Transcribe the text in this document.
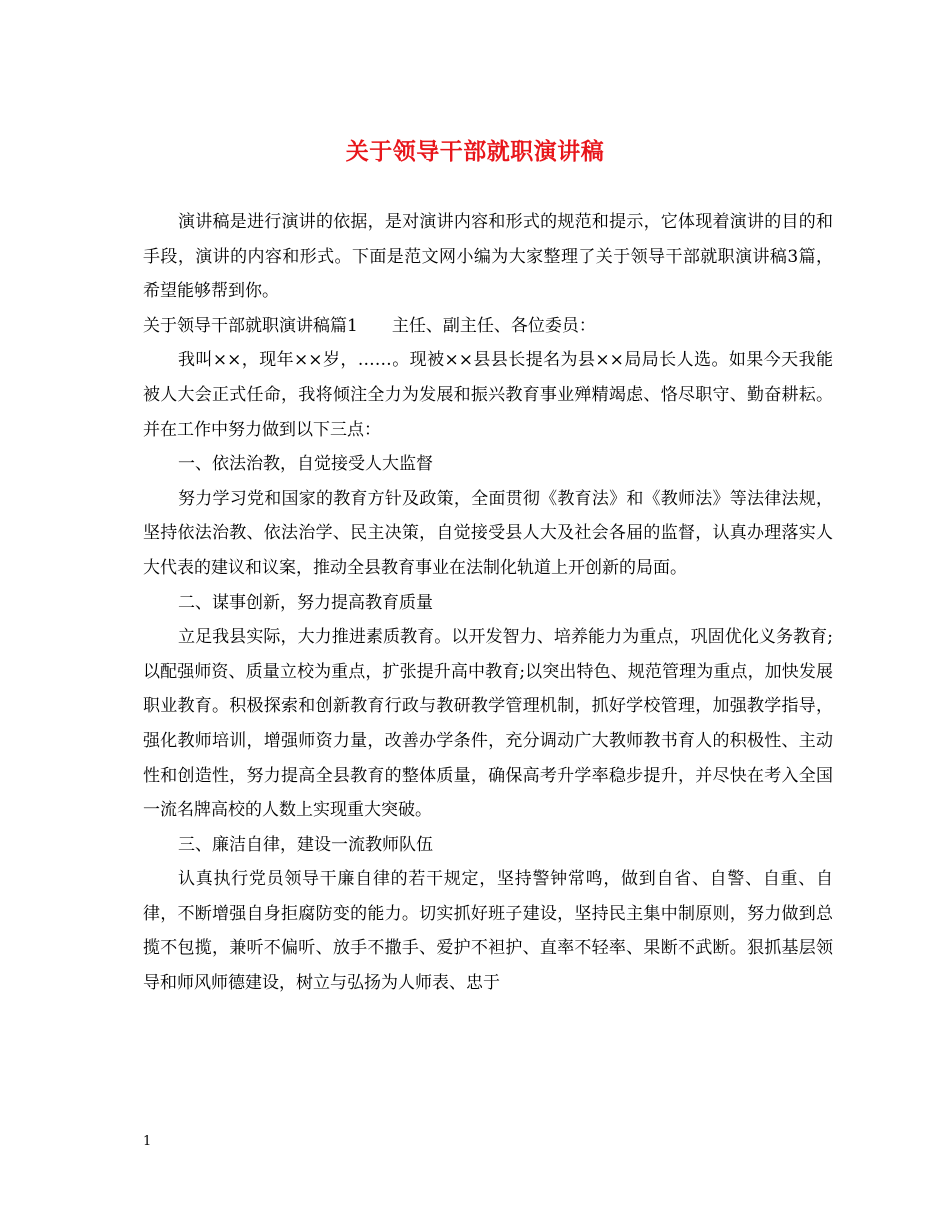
关于领导干部就职演讲稿

演讲稿是进行演讲的依据，是对演讲内容和形式的规范和提示，它体现着演讲的目的和手段，演讲的内容和形式。下面是范文网小编为大家整理了关于领导干部就职演讲稿3篇，希望能够帮到你。

关于领导干部就职演讲稿篇1　　主任、副主任、各位委员：

我叫××，现年××岁，……。现被××县县长提名为县××局局长人选。如果今天我能被人大会正式任命，我将倾注全力为发展和振兴教育事业殚精竭虑、恪尽职守、勤奋耕耘。并在工作中努力做到以下三点：

一、依法治教，自觉接受人大监督

努力学习党和国家的教育方针及政策，全面贯彻《教育法》和《教师法》等法律法规，坚持依法治教、依法治学、民主决策，自觉接受县人大及社会各届的监督，认真办理落实人大代表的建议和议案，推动全县教育事业在法制化轨道上开创新的局面。

二、谋事创新，努力提高教育质量

立足我县实际，大力推进素质教育。以开发智力、培养能力为重点，巩固优化义务教育;以配强师资、质量立校为重点，扩张提升高中教育;以突出特色、规范管理为重点，加快发展职业教育。积极探索和创新教育行政与教研教学管理机制，抓好学校管理，加强教学指导，强化教师培训，增强师资力量，改善办学条件，充分调动广大教师教书育人的积极性、主动性和创造性，努力提高全县教育的整体质量，确保高考升学率稳步提升，并尽快在考入全国一流名牌高校的人数上实现重大突破。

三、廉洁自律，建设一流教师队伍

认真执行党员领导干廉自律的若干规定，坚持警钟常鸣，做到自省、自警、自重、自律，不断增强自身拒腐防变的能力。切实抓好班子建设，坚持民主集中制原则，努力做到总揽不包揽，兼听不偏听、放手不撒手、爱护不袒护、直率不轻率、果断不武断。狠抓基层领导和师风师德建设，树立与弘扬为人师表、忠于

1
